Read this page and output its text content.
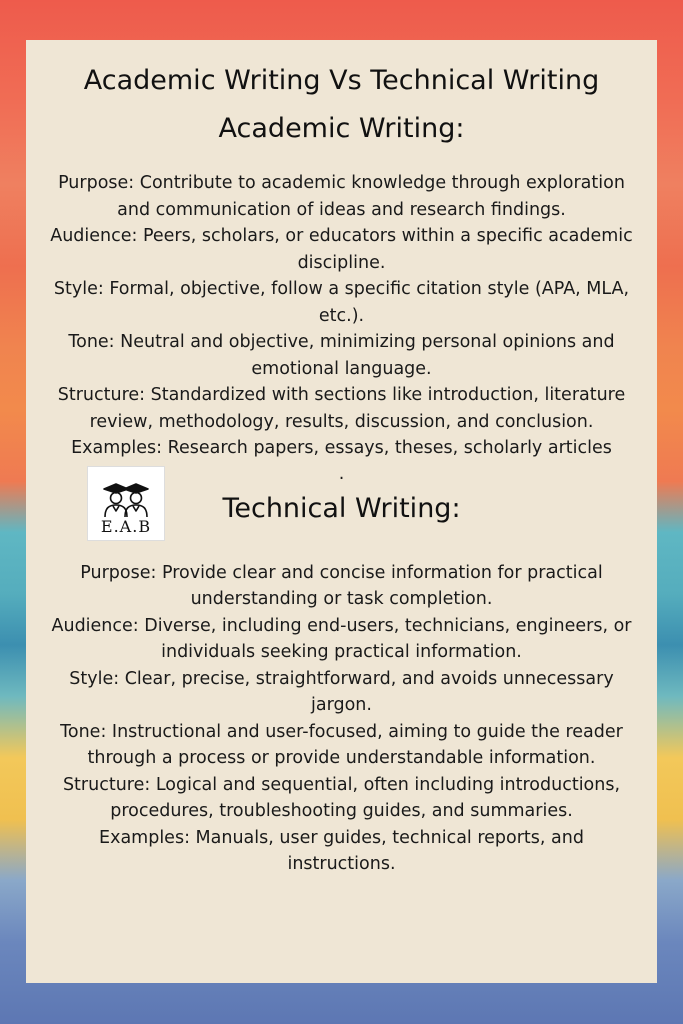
Academic Writing Vs Technical Writing
Academic Writing:

Purpose: Contribute to academic knowledge through exploration and communication of ideas and research findings.

Audience: Peers, scholars, or educators within a specific academic discipline.

Style: Formal, objective, follow a specific citation style (APA, MLA, etc.).

Tone: Neutral and objective, minimizing personal opinions and emotional language.

Structure: Standardized with sections like introduction, literature review, methodology, results, discussion, and conclusion.

Examples: Research papers, essays, theses, scholarly articles

.
E.A.B
Technical Writing:

Purpose: Provide clear and concise information for practical understanding or task completion.

Audience: Diverse, including end-users, technicians, engineers, or individuals seeking practical information.

Style: Clear, precise, straightforward, and avoids unnecessary jargon.

Tone: Instructional and user-focused, aiming to guide the reader through a process or provide understandable information.

Structure: Logical and sequential, often including introductions, procedures, troubleshooting guides, and summaries.

Examples: Manuals, user guides, technical reports, and instructions.
